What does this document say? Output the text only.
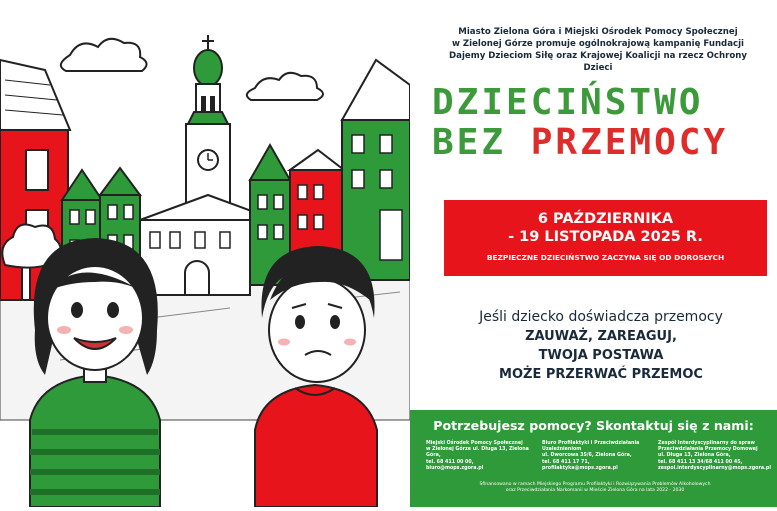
Miasto Zielona Góra i Miejski Ośrodek Pomocy Społecznej
w Zielonej Górze promuje ogólnokrajową kampanię Fundacji
Dajemy Dzieciom Siłę oraz Krajowej Koalicji na rzecz Ochrony Dzieci
DZIECIŃSTWO
BEZ PRZEMOCY
6 PAŹDZIERNIKA
- 19 LISTOPADA 2025 R.
BEZPIECZNE DZIECIŃSTWO ZACZYNA SIĘ OD DOROSŁYCH
Jeśli dziecko doświadcza przemocy
ZAUWAŻ, ZAREAGUJ,
TWOJA POSTAWA
MOŻE PRZERWAĆ PRZEMOC
Potrzebujesz pomocy? Skontaktuj się z nami:
Miejski Ośrodek Pomocy Społecznej
w Zielonej Górze ul. Długa 13, Zielona Góra,
tel. 68 411 00 00,
biuro@mops.zgora.pl
Biuro Profilaktyki i Przeciwdziałania Uzależnieniom
ul. Dworcowa 35/6, Zielona Góra,
tel. 68 411 17 71,
profilaktyka@mops.zgora.pl
Zespół Interdyscyplinarny do spraw
Przeciwdziałania Przemocy Domowej
ul. Długa 13, Zielona Góra,
tel. 68 411 13 34/68 411 00 45,
zespol.interdyscyplinarny@mops.zgora.pl
Sfinansowano w ramach Miejskiego Programu Profilaktyki i Rozwiązywania Problemów Alkoholowych
oraz Przeciwdziałania Narkomanii w Mieście Zielona Góra na lata 2022 - 2030
